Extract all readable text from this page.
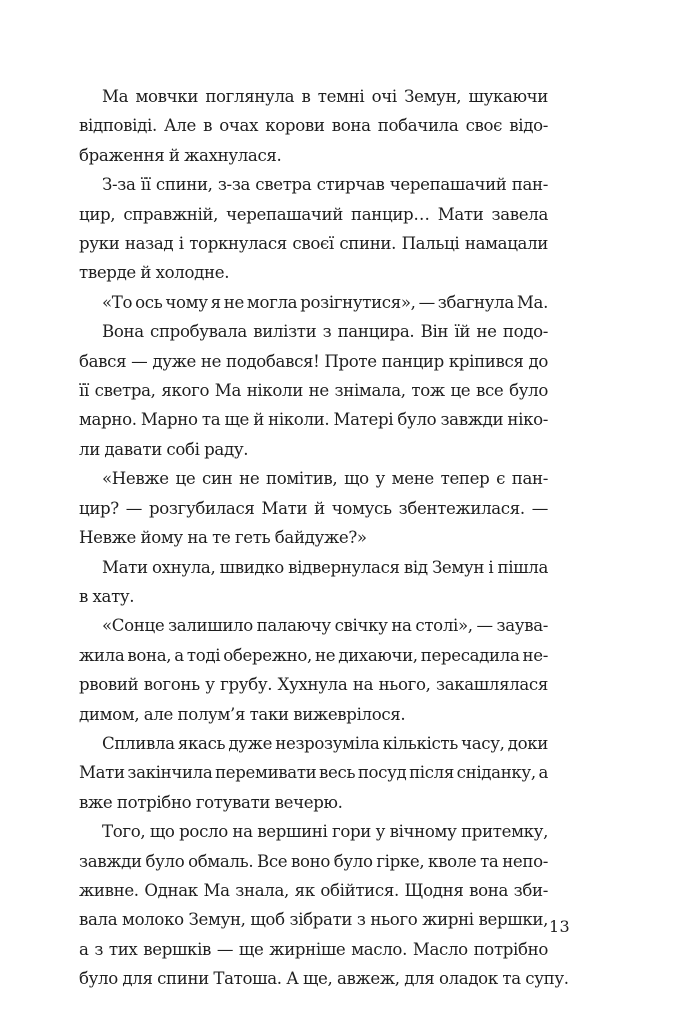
Ма мовчки поглянула в темні очі Земун, шукаючи
відповіді. Але в очах корови вона побачила своє відо-
браження й жахнулася.

З-за її спини, з-за светра стирчав черепашачий пан-
цир, справжній, черепашачий панцир… Мати завела
руки назад і торкнулася своєї спини. Пальці намацали
тверде й холодне.

«То ось чому я не могла розігнутися», — збагнула Ма.

Вона спробувала вилізти з панцира. Він їй не подо-
бався — дуже не подобався! Проте панцир кріпився до
її светра, якого Ма ніколи не знімала, тож це все було
марно. Марно та ще й ніколи. Матері було завжди ніко-
ли давати собі раду.

«Невже це син не помітив, що у мене тепер є пан-
цир? — розгубилася Мати й чомусь збентежилася. —
Невже йому на те геть байдуже?»

Мати охнула, швидко відвернулася від Земун і пішла
в хату.

«Сонце залишило палаючу свічку на столі», — заува-
жила вона, а тоді обережно, не дихаючи, пересадила не-
рвовий вогонь у грубу. Хухнула на нього, закашлялася
димом, але полум’я таки вижеврілося.

Спливла якась дуже незрозуміла кількість часу, доки
Мати закінчила перемивати весь посуд після сніданку, а
вже потрібно готувати вечерю.

Того, що росло на вершині гори у вічному притемку,
завжди було обмаль. Все воно було гірке, кволе та непо-
живне. Однак Ма знала, як обійтися. Щодня вона зби-
вала молоко Земун, щоб зібрати з нього жирні вершки,
а з тих вершків — ще жирніше масло. Масло потрібно
було для спини Татоша. А ще, авжеж, для оладок та супу.

13
